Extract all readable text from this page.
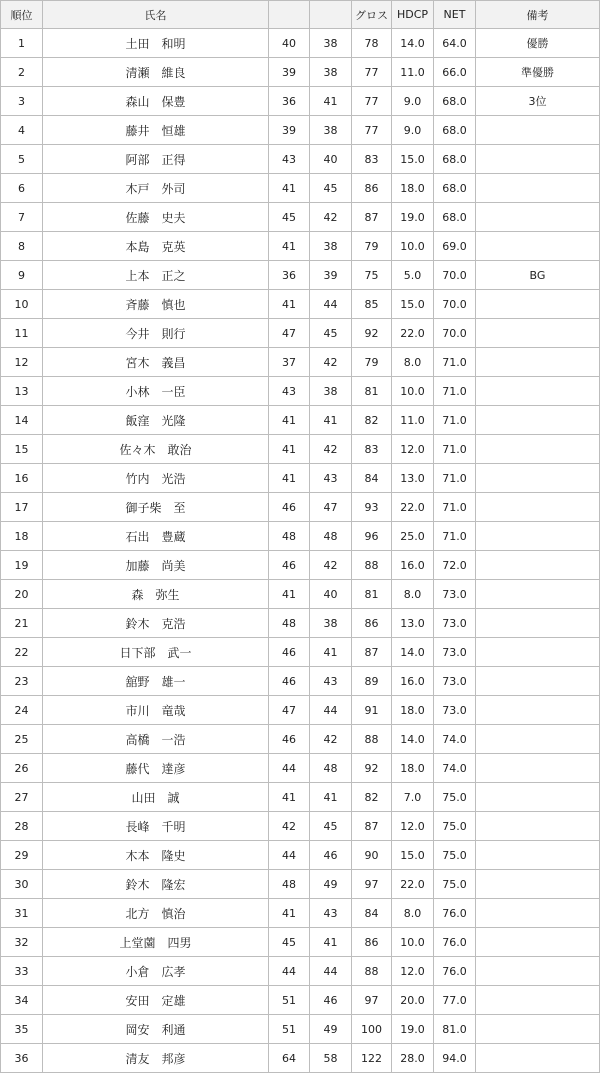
順位	氏名			グロス	HDCP	NET	備考
1	土田　和明	40	38	78	14.0	64.0	優勝
2	清瀬　維良	39	38	77	11.0	66.0	準優勝
3	森山　保豊	36	41	77	9.0	68.0	3位
4	藤井　恒雄	39	38	77	9.0	68.0	
5	阿部　正得	43	40	83	15.0	68.0	
6	木戸　外司	41	45	86	18.0	68.0	
7	佐藤　史夫	45	42	87	19.0	68.0	
8	本島　克英	41	38	79	10.0	69.0	
9	上本　正之	36	39	75	5.0	70.0	BG
10	斉藤　慎也	41	44	85	15.0	70.0	
11	今井　則行	47	45	92	22.0	70.0	
12	宮木　義昌	37	42	79	8.0	71.0	
13	小林　一臣	43	38	81	10.0	71.0	
14	飯窪　光隆	41	41	82	11.0	71.0	
15	佐々木　敢治	41	42	83	12.0	71.0	
16	竹内　光浩	41	43	84	13.0	71.0	
17	御子柴　至	46	47	93	22.0	71.0	
18	石出　豊蔵	48	48	96	25.0	71.0	
19	加藤　尚美	46	42	88	16.0	72.0	
20	森　弥生	41	40	81	8.0	73.0	
21	鈴木　克浩	48	38	86	13.0	73.0	
22	日下部　武一	46	41	87	14.0	73.0	
23	舘野　雄一	46	43	89	16.0	73.0	
24	市川　竜哉	47	44	91	18.0	73.0	
25	高橋　一浩	46	42	88	14.0	74.0	
26	藤代　達彦	44	48	92	18.0	74.0	
27	山田　誠	41	41	82	7.0	75.0	
28	長峰　千明	42	45	87	12.0	75.0	
29	木本　隆史	44	46	90	15.0	75.0	
30	鈴木　隆宏	48	49	97	22.0	75.0	
31	北方　慎治	41	43	84	8.0	76.0	
32	上堂薗　四男	45	41	86	10.0	76.0	
33	小倉　広孝	44	44	88	12.0	76.0	
34	安田　定雄	51	46	97	20.0	77.0	
35	岡安　利通	51	49	100	19.0	81.0	
36	清友　邦彦	64	58	122	28.0	94.0	
